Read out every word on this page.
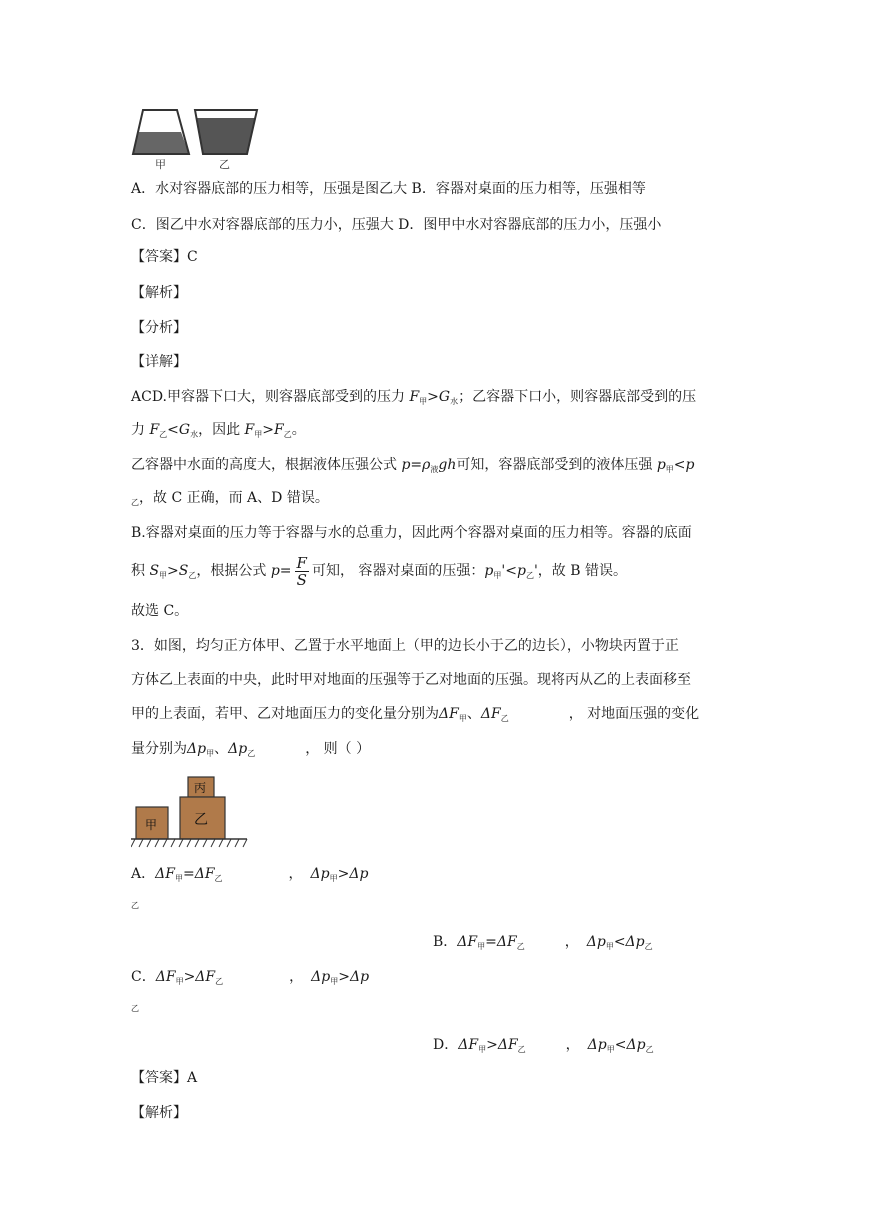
甲	乙
A．水对容器底部的压力相等，压强是图乙大 B．容器对桌面的压力相等，压强相等
C．图乙中水对容器底部的压力小，压强大 D．图甲中水对容器底部的压力小，压强小
【答案】C
【解析】
【分析】
【详解】
ACD.甲容器下口大，则容器底部受到的压力 $F_甲>G_水$；乙容器下口小，则容器底部受到的压
力 $F_乙<G_水$，因此 $F_甲>F_乙$。
乙容器中水面的高度大，根据液体压强公式 $p=\rho_液gh$可知，容器底部受到的液体压强 $p_甲<p$
$_乙$，故 C 正确，而 A、D 错误。
B.容器对桌面的压力等于容器与水的总重力，因此两个容器对桌面的压力相等。容器的底面
积 $S_甲>S_乙$，根据公式 $p= \frac{F}{S}$ 可知， 容器对桌面的压强：$p_甲'<p_乙'$，故 B 错误。
故选 C。
3．如图，均匀正方体甲、乙置于水平地面上（甲的边长小于乙的边长），小物块丙置于正
方体乙上表面的中央，此时甲对地面的压强等于乙对地面的压强。现将丙从乙的上表面移至
甲的上表面，若甲、乙对地面压力的变化量分别为$\Delta F_甲$、$\Delta F_乙$	， 对地面压强的变化
量分别为$\Delta p_甲$、$\Delta p_乙$	， 则（ ）
丙
乙
甲
A．$\Delta F_甲=\Delta F_乙$	， $\Delta p_甲>\Delta p$
乙
B．$\Delta F_甲=\Delta F_乙$	， $\Delta p_甲<\Delta p_乙$
C．$\Delta F_甲>\Delta F_乙$	， $\Delta p_甲>\Delta p$
乙
D．$\Delta F_甲>\Delta F_乙$	， $\Delta p_甲<\Delta p_乙$
【答案】A
【解析】
